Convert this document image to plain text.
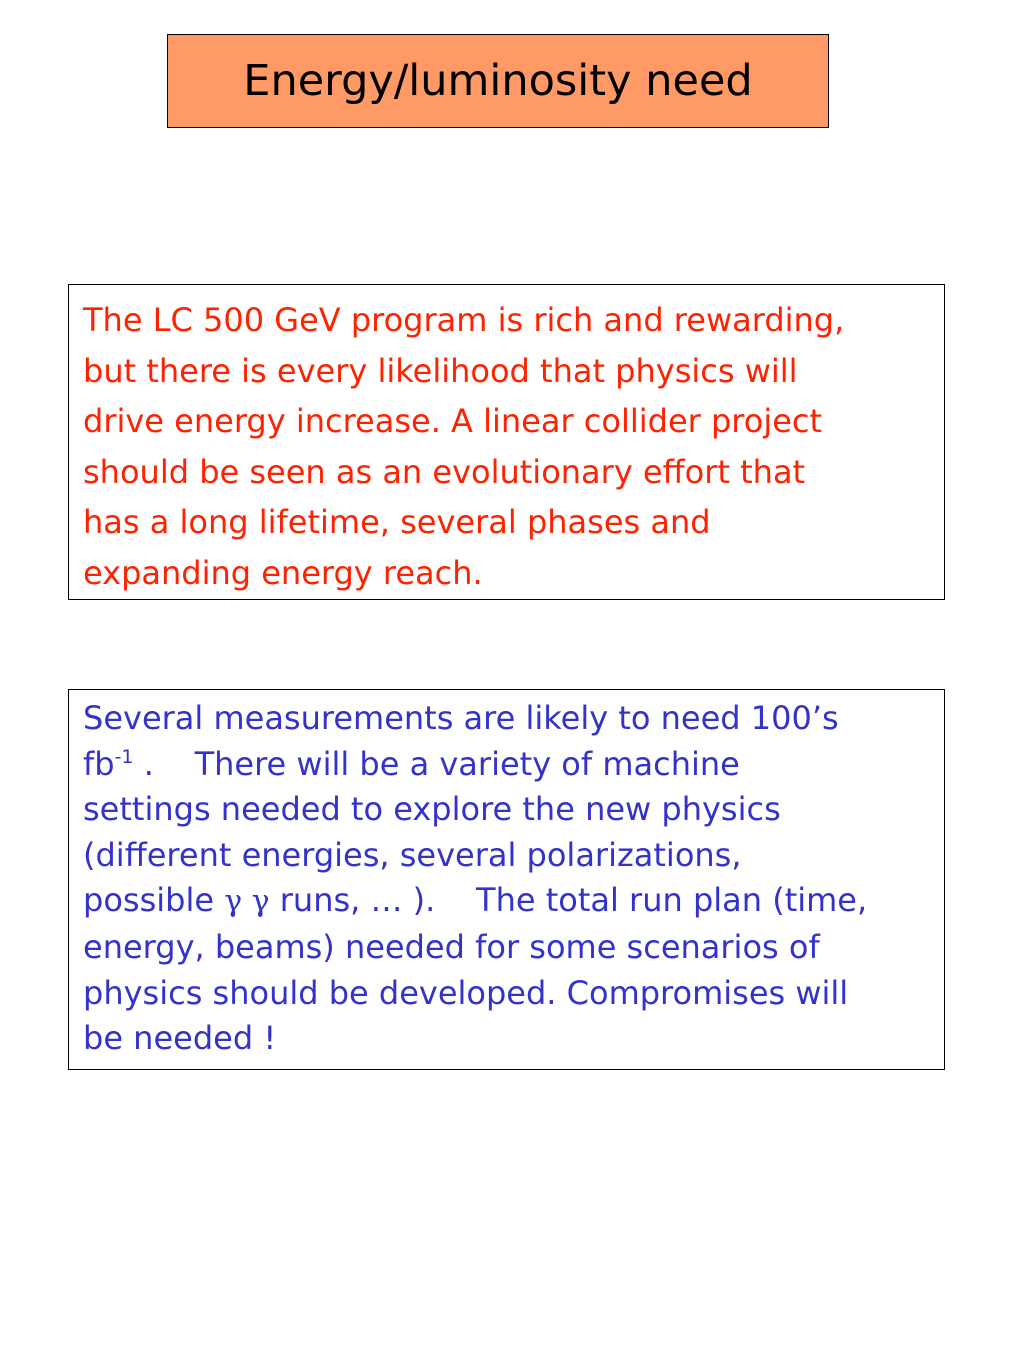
Energy/luminosity need
The LC 500 GeV program is rich and rewarding,
but there is every likelihood that physics will
drive energy increase. A linear collider project
should be seen as an evolutionary effort that
has a long lifetime, several phases and
expanding energy reach.
Several measurements are likely to need 100’s
$fb^{-1}$ .    There will be a variety of machine
settings needed to explore the new physics
(different energies, several polarizations,
possible γ γ runs, … ).    The total run plan (time,
energy, beams) needed for some scenarios of
physics should be developed. Compromises will
be needed !
